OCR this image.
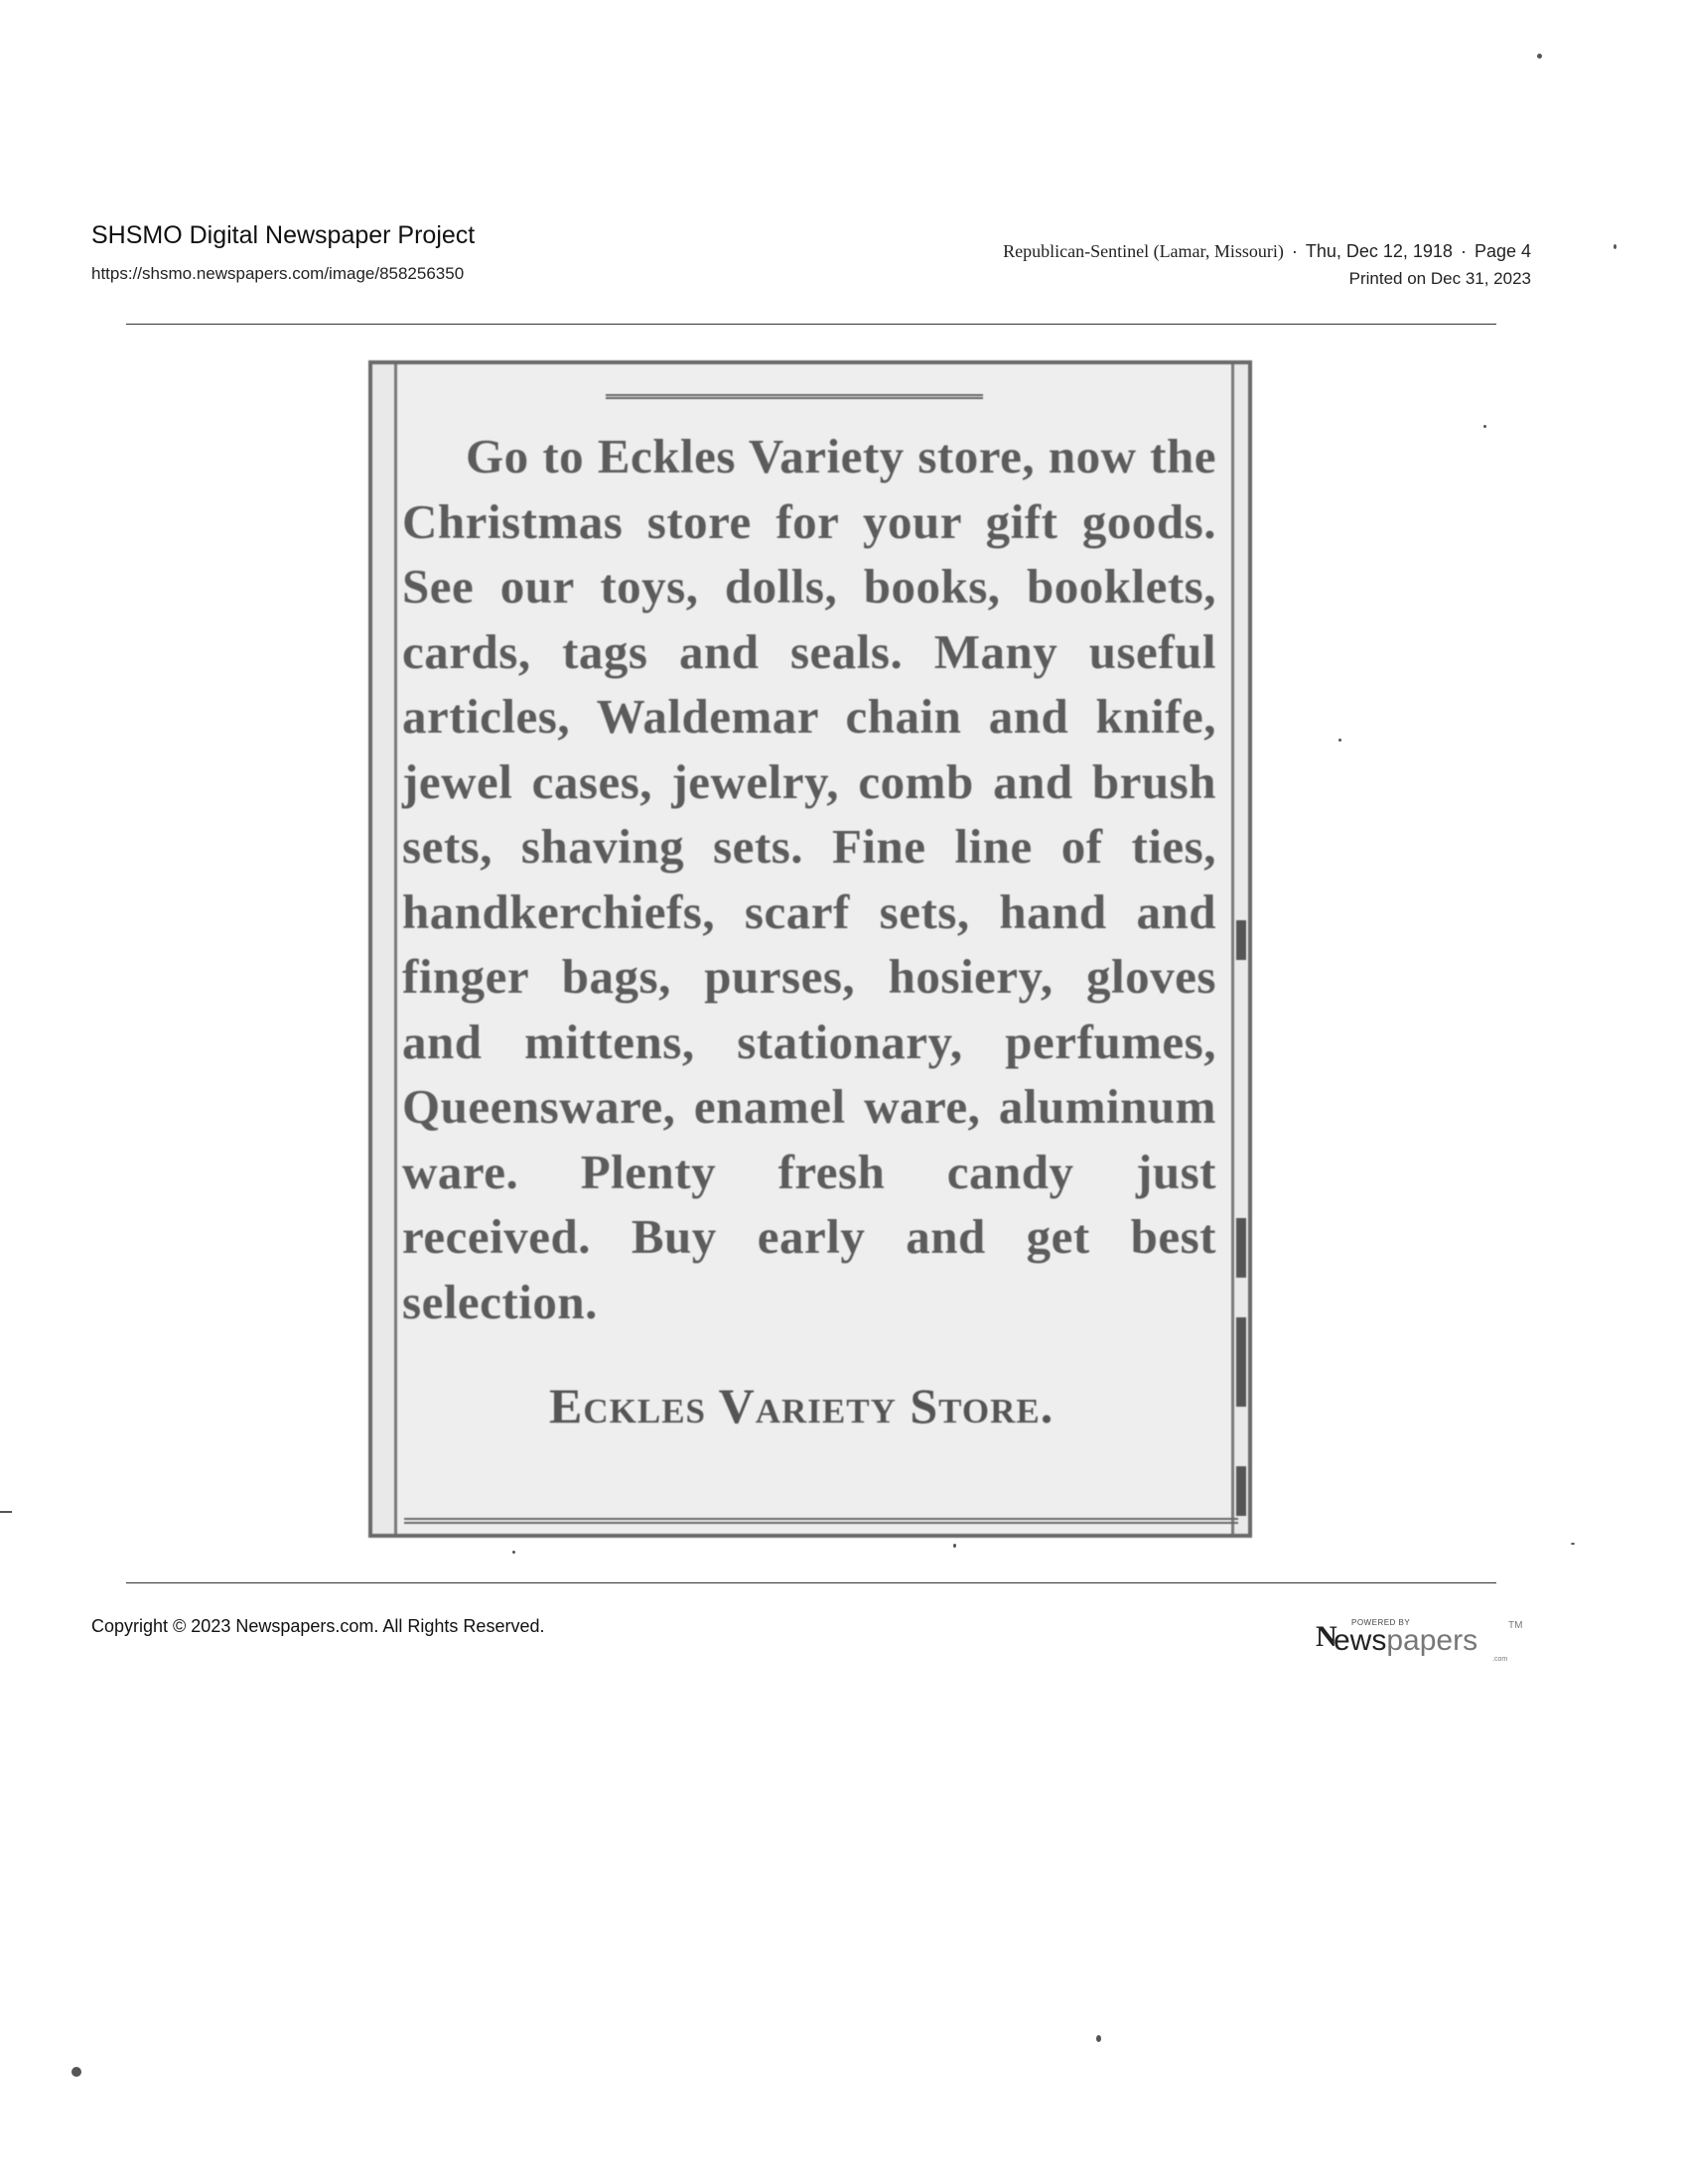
SHSMO Digital Newspaper Project
https://shsmo.newspapers.com/image/858256350
Republican-Sentinel (Lamar, Missouri) · Thu, Dec 12, 1918 · Page 4
Printed on Dec 31, 2023

Go to Eckles Variety store, now the Christmas store for your gift goods. See our toys, dolls, books, booklets, cards, tags and seals. Many useful articles, Waldemar chain and knife, jewel cases, jewelry, comb and brush sets, shaving sets. Fine line of ties, handkerchiefs, scarf sets, hand and finger bags, purses, hosiery, gloves and mittens, stationary, perfumes, Queensware, enamel ware, aluminum ware. Plenty fresh candy just received. Buy early and get best selection.

Eckles Variety Store.
Copyright © 2023 Newspapers.com. All Rights Reserved.	N POWERED BY
ewspapers	TM
.com
